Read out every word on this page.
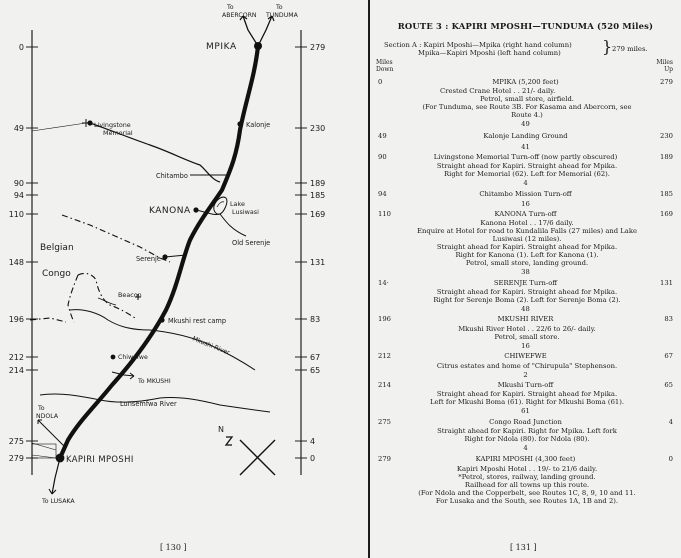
0
49
90
94
110
148
196
212
214
275
279
279
230
189
185
169
131
83
67
65
4
0
To ABERCORN
To TUNDUMA
MPIKA
Livingstone Memorial
Kalonje
Chitambo
KANONA
Lake Lusiwasi
Old Serenje
Belgian
Congo
Serenje
Beacon
Mkushi rest camp
Mkushi River
Chiwefwe
To MKUSHI
Lunsemfwa River
To NDOLA
KAPIRI MPOSHI
To LUSAKA
N
[ 130 ]
ROUTE 3 : KAPIRI MPOSHI—TUNDUMA (520 Miles)
Section A : Kapiri Mposhi—Mpika (right hand column)
Mpika—Kapiri Mposhi (left hand column)	} 279 miles.
Miles
Down
Miles
Up
0	MPIKA (5,200 feet)	279
Crested Crane Hotel . . 21/- daily.
Petrol, small store, airfield.
(For Tunduma, see Route 3B. For Kasama and Abercorn, see
Route 4.)
49
49	Kalonje Landing Ground	230
41
90	Livingstone Memorial Turn-off (now partly obscured)	189
Straight ahead for Kapiri. Straight ahead for Mpika.
Right for Memorial (62). Left for Memorial (62).
4
94	Chitambo Mission Turn-off	185
16
110	KANONA Turn-off	169
Kanona Hotel . . 17/6 daily.
Enquire at Hotel for road to Kundalila Falls (27 miles) and Lake
Lusiwasi (12 miles).
Straight ahead for Kapiri. Straight ahead for Mpika.
Right for Kanona (1). Left for Kanona (1).
Petrol, small store, landing ground.
38
14·	SERENJE Turn-off	131
Straight ahead for Kapiri. Straight ahead for Mpika.
Right for Serenje Boma (2). Left for Serenje Boma (2).
48
196	MKUSHI RIVER	83
Mkushi River Hotel . . 22/6 to 26/- daily.
Petrol, small store.
16
212	CHIWEFWE	67
Citrus estates and home of "Chirupula" Stephenson.
2
214	Mkushi Turn-off	65
Straight ahead for Kapiri. Straight ahead for Mpika.
Left for Mkushi Boma (61). Right for Mkushi Boma (61).
61
275	Congo Road Junction	4
Straight ahead for Kapiri. Right for Mpika. Left fork
Right for Ndola (80). for Ndola (80).
4
279	KAPIRI MPOSHI (4,300 feet)	0
Kapiri Mposhi Hotel . . 19/- to 21/6 daily.
*Petrol, stores, railway, landing ground.
Railhead for all towns up this route.
(For Ndola and the Copperbelt, see Routes 1C, 8, 9, 10 and 11.
For Lusaka and the South, see Routes 1A, 1B and 2).
[ 131 ]
